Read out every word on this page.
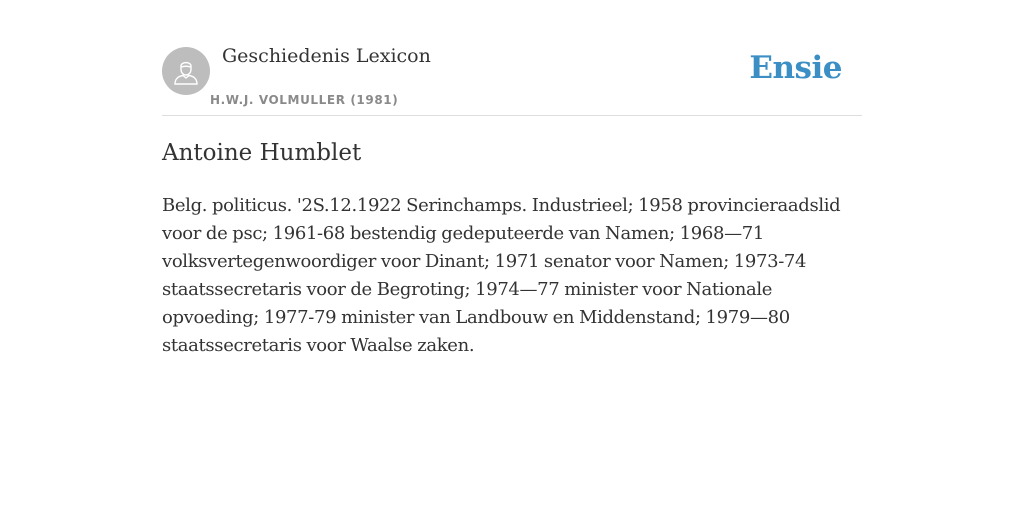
Geschiedenis Lexicon
H.W.J. VOLMULLER (1981)
Ensie
Antoine Humblet

Belg. politicus. '2S.12.1922 Serinchamps. Industrieel; 1958 provincieraadslid voor de psc; 1961-68 bestendig gedeputeerde van Namen; 1968—71 volksvertegenwoordiger voor Dinant; 1971 senator voor Namen; 1973-74 staatssecretaris voor de Begroting; 1974—77 minister voor Nationale opvoeding; 1977-79 minister van Landbouw en Middenstand; 1979—80 staatssecretaris voor Waalse zaken.
